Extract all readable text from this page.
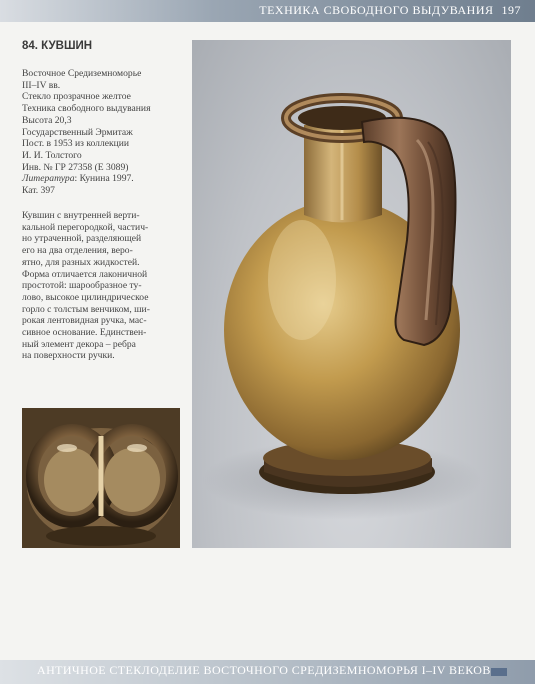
ТЕХНИКА СВОБОДНОГО ВЫДУВАНИЯ 197
84. КУВШИН
Восточное Средиземноморье
III–IV вв.
Стекло прозрачное желтое
Техника свободного выдувания
Высота 20,3
Государственный Эрмитаж
Пост. в 1953 из коллекции
И. И. Толстого
Инв. № ГР 27358 (Е 3089)
Литература: Кунина 1997.
Кат. 397
Кувшин с внутренней верти-
кальной перегородкой, частич-
но утраченной, разделяющей
его на два отделения, веро-
ятно, для разных жидкостей.
Форма отличается лаконичной
простотой: шарообразное ту-
лово, высокое цилиндрическое
горло с толстым венчиком, ши-
рокая лентовидная ручка, мас-
сивное основание. Единствен-
ный элемент декора – ребра
на поверхности ручки.
АНТИЧНОЕ СТЕКЛОДЕЛИЕ ВОСТОЧНОГО СРЕДИЗЕМНОМОРЬЯ I–IV ВЕКОВ
